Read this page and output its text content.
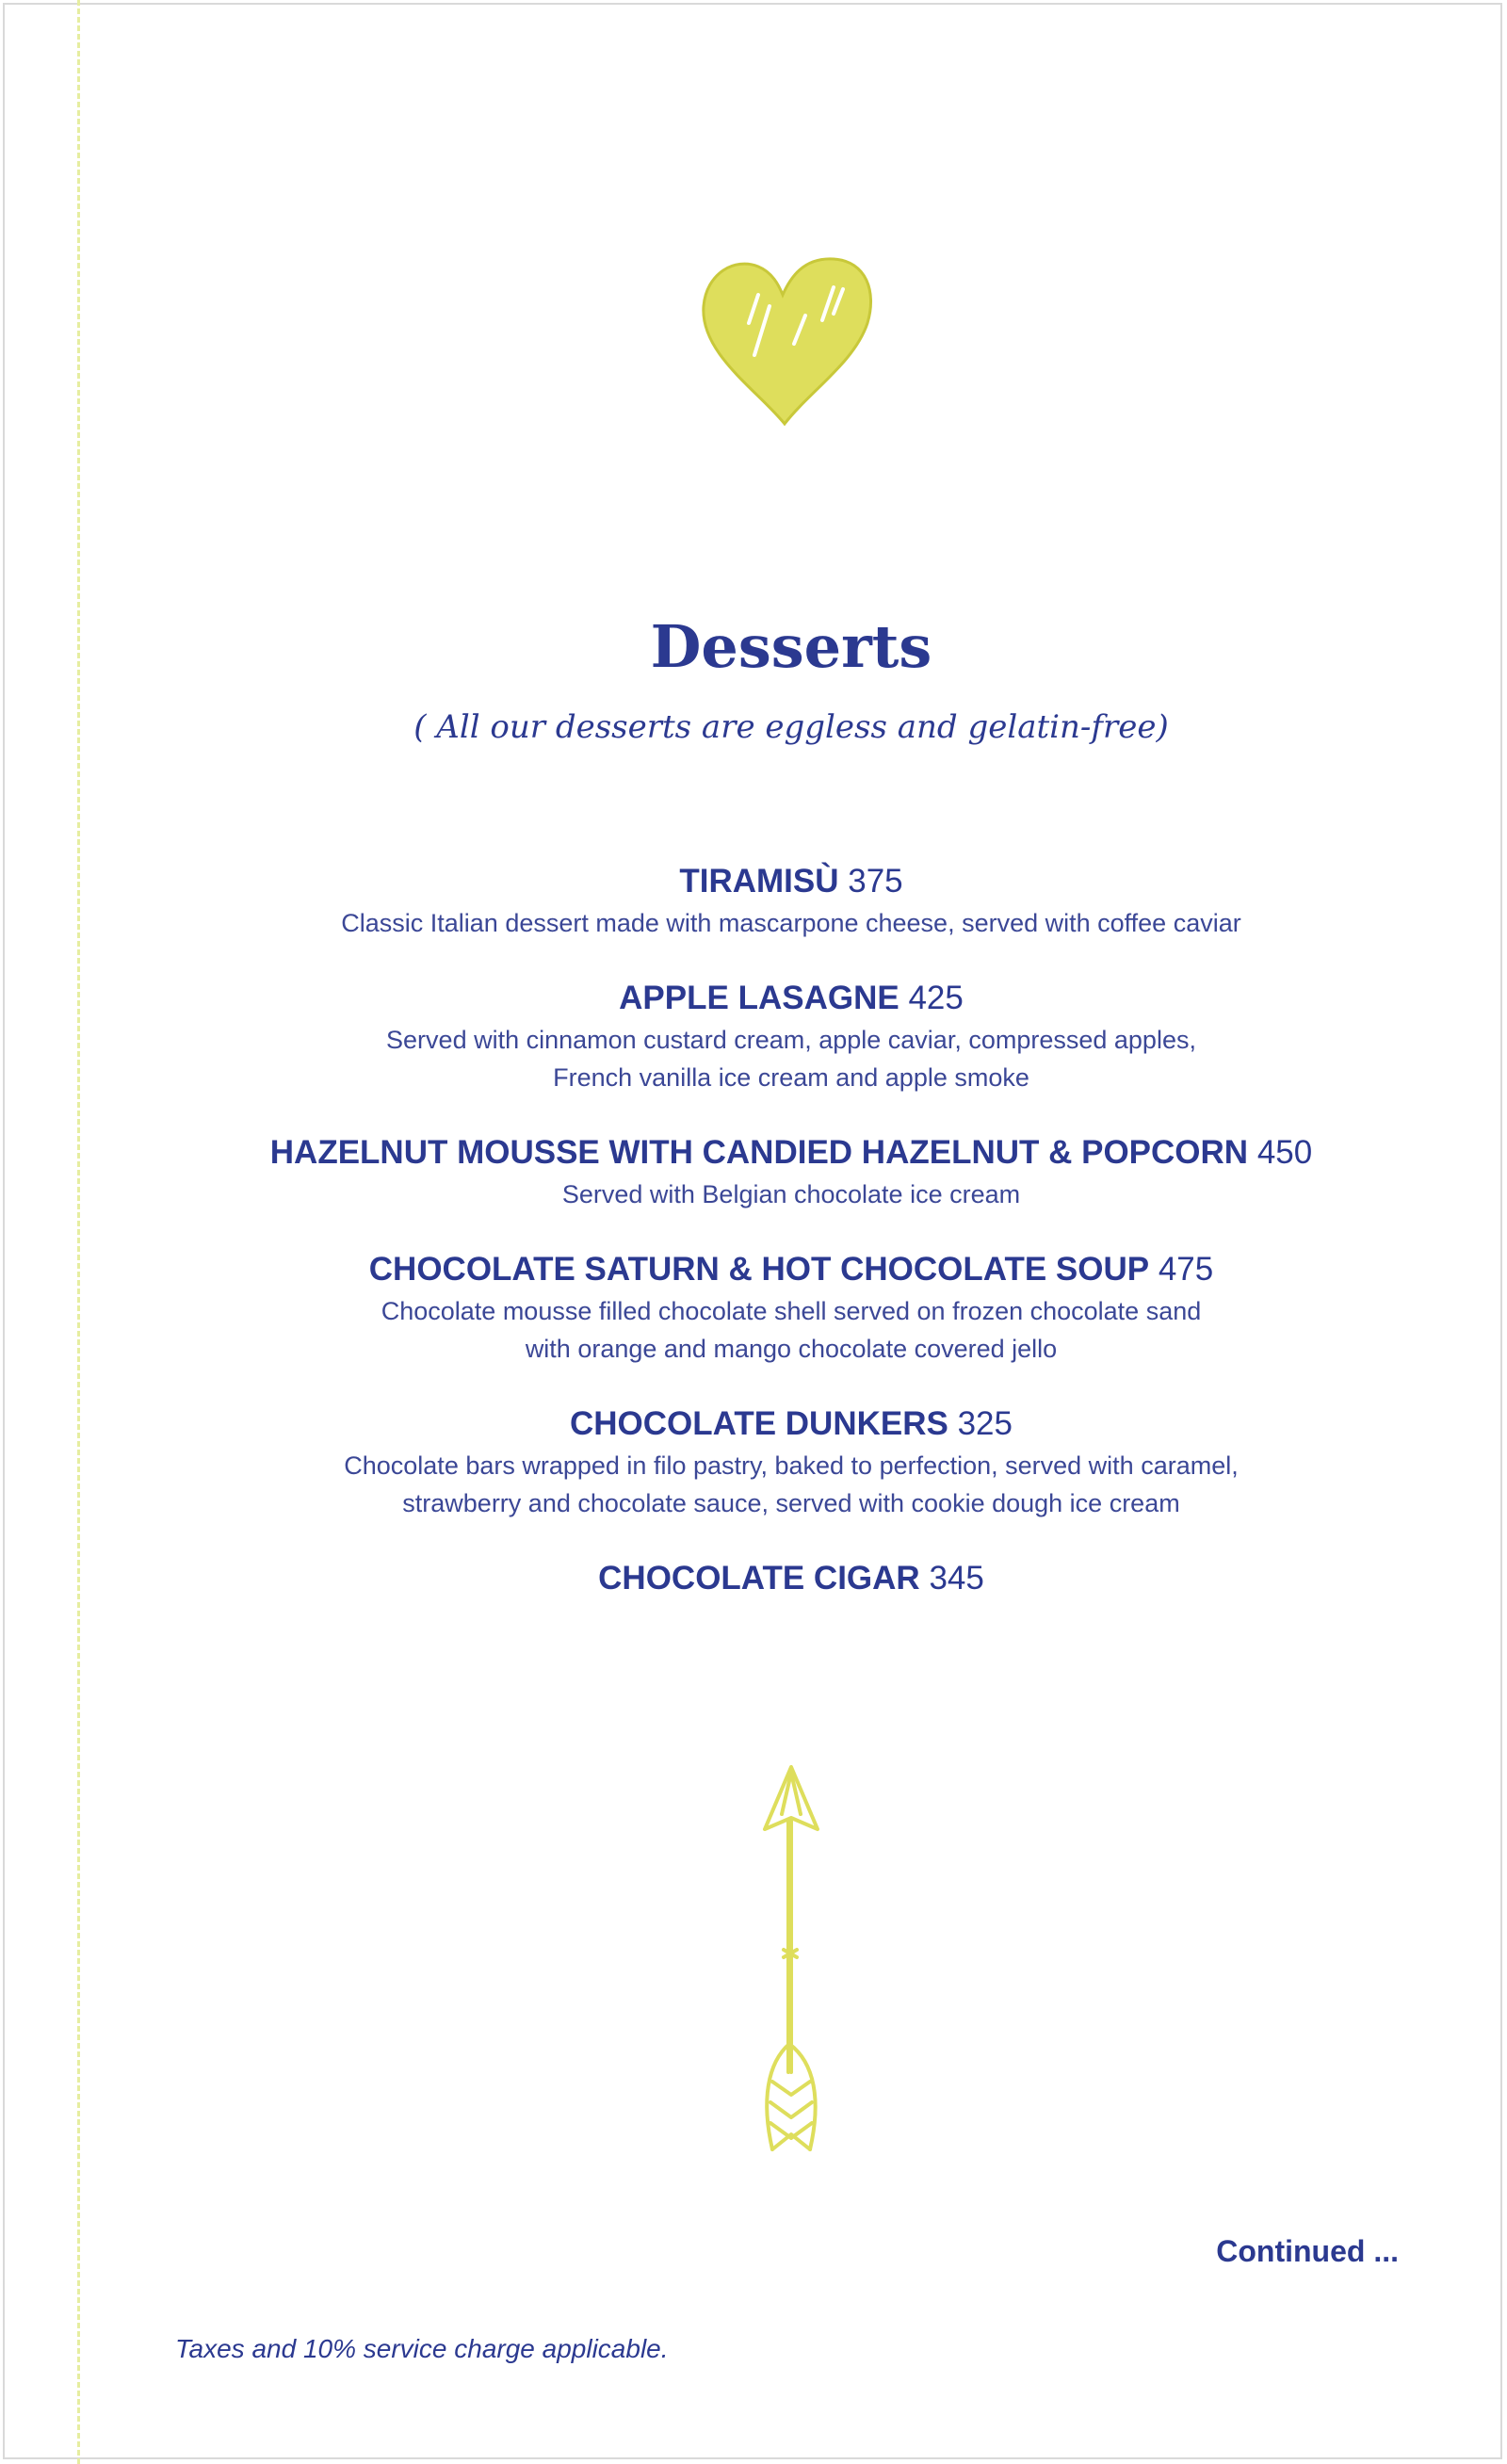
Desserts
( All our desserts are eggless and gelatin-free)
TIRAMISÙ 375
Classic Italian dessert made with mascarpone cheese, served with coffee caviar
APPLE LASAGNE 425
Served with cinnamon custard cream, apple caviar, compressed apples,
French vanilla ice cream and apple smoke
HAZELNUT MOUSSE WITH CANDIED HAZELNUT & POPCORN 450
Served with Belgian chocolate ice cream
CHOCOLATE SATURN & HOT CHOCOLATE SOUP 475
Chocolate mousse filled chocolate shell served on frozen chocolate sand
with orange and mango chocolate covered jello
CHOCOLATE DUNKERS 325
Chocolate bars wrapped in filo pastry, baked to perfection, served with caramel,
strawberry and chocolate sauce, served with cookie dough ice cream
CHOCOLATE CIGAR 345
Continued ...
Taxes and 10% service charge applicable.
